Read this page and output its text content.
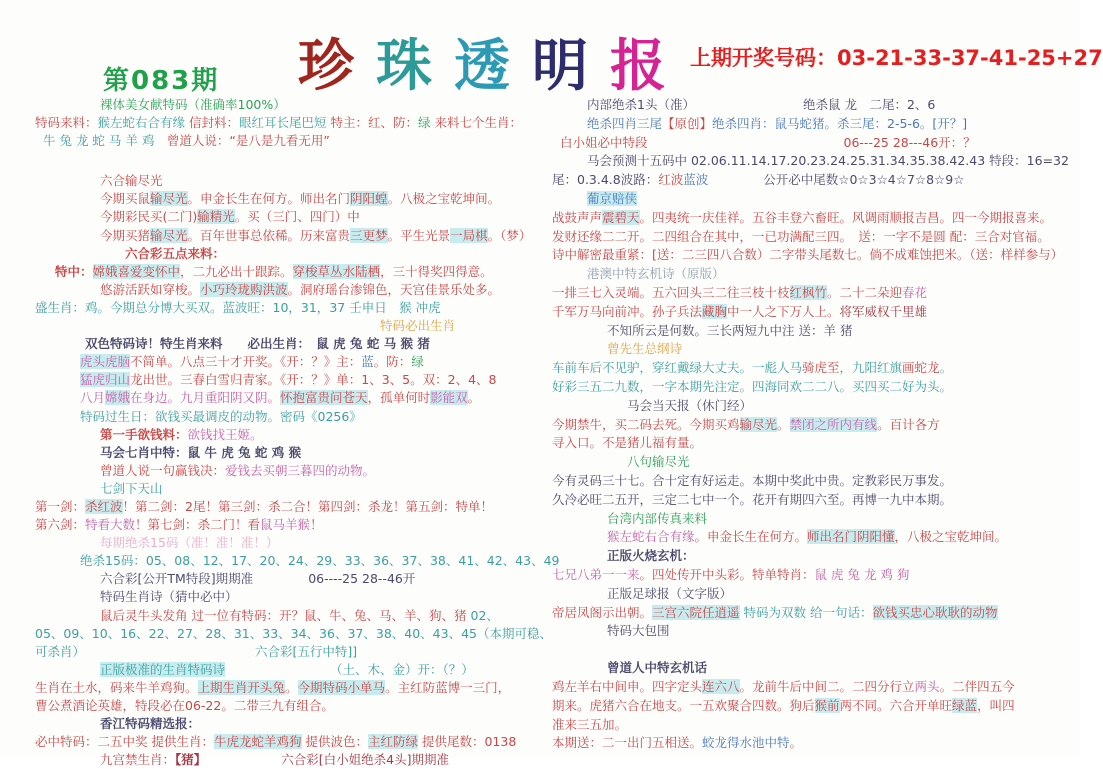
第083期 珍珠透明报 上期开奖号码：03-21-33-37-41-25+27
裸体美女献特码（准确率100%）
特码来料：猴左蛇右合有缘 信封料：眼红耳长尾巴短 特主：红、防：绿 来料七个生肖：
牛 兔 龙 蛇 马 羊 鸡　曾道人说：“是八是九看无用”
六合输尽光
今期买鼠输尽光。申金长生在何方。师出名门阴阳蝗。八极之宝乾坤间。
今期彩民买(二门)输精光。买（三门、四门）中
今期买猪输尽光。百年世事总依稀。历来富贵三更梦。平生光景一局棋。（梦）
六合彩五点来料：
特中：嫦娥喜爱变怀中，二九必出十跟踪。穿梭草丛水陆栖，三十得奖四得意。
悠游活跃如穿梭。小巧玲珑购洪波。洞府瑶台渗锦色，天宫佳景乐处多。
盛生肖：鸡。今期总分博大买双。蓝波旺：10，31，37 壬申日　猴 冲虎
特码必出生肖
双色特码诗！特生肖来料　　必出生肖：　鼠 虎 兔 蛇 马 猴 猪
虎头虎脑不简单。八点三十才开奖。《开：？》主：蓝。防：绿
猛虎归山龙出世。三春白雪归青家。《开：？》单：1、3、5。双：2、4、8
八月嫦娥在身边。九月重阳阴又阴。怀抱富贵问苍天，孤单何时影能双。
特码过生日：欲钱买最调皮的动物。密码《0256》
第一手欲钱料：欲钱找王姬。
马会七肖中特：鼠 牛 虎 兔 蛇 鸡 猴
曾道人说一句赢钱决：爱钱去买朝三暮四的动物。
七剑下天山
第一剑：杀红波！第二剑：2尾！第三剑：杀二合！第四剑：杀龙！第五剑：特单！
第六剑：特看大数！第七剑：杀二门！看鼠马羊猴！
每期绝杀15码（准！准！准！）
绝杀15码：05、08、12、17、20、24、29、33、36、37、38、41、42、43、49
六合彩[公开TM特段]期期准	06----25 28--46开
特码生肖诗（猜中必中）
鼠后灵牛头发角 过一位有特码：开？鼠、牛、兔、马、羊、狗、猪 02、
05、09、10、16、22、27、28、31、33、34、36、37、38、40、43、45（本期可稳、
可杀肖）	六合彩[五行中特]]
正版极准的生肖特码诗	（土、木、金）开：（？）
生肖在土水，码来牛羊鸡狗。上期生肖开头兔。今期特码小单马。主红防蓝博一三门，
曹公煮酒论英雄，特段必在06-22。二带三九有组合。
香江特码精选报：
必中特码：二五中奖 提供生肖：牛虎龙蛇羊鸡狗 提供波色：主红防绿 提供尾数：0138
九宫禁生肖：【猪】	六合彩[白小姐绝杀4头]期期准
内部绝杀1头（准）	绝杀鼠 龙　二尾：2、6
绝杀四肖三尾【原创】绝杀四肖：鼠马蛇猪。杀三尾：2-5-6。[开？]
白小姐必中特段	06---25 28---46开：？
马会预测十五码中 02.06.11.14.17.20.23.24.25.31.34.35.38.42.43 特段：16=32
尾：0.3.4.8波路：红波蓝波	公开必中尾数☆0☆3☆4☆7☆8☆9☆
葡京赔侠
战鼓声声震碧天。四夷统一庆佳祥。五谷丰登六畜旺。风调雨顺报吉昌。四一今期报喜来。
发财还缘二二开。二四组合在其中，一已功满配三四。　送：一字不是圆 配：三合对官福。
诗中解密最重紧：[送：二三四八合数）二字带头尾数七。倘不成难蚀把米。（送：样样参与）
港澳中特玄机诗（原版）
一排三七入灵端。五六回头三二往三枝十枝红枫竹。二十二朵迎春花
千军万马向前冲。孙子兵法藏胸中一人之下万人上。将军威权千里雄
不知所云是何数。三长两短九中注 送：羊 猪
曾先生总纲诗
车前车后不见驴，穿红戴绿大丈夫。一彪人马骑虎至，九阳红旗画蛇龙。
好彩三五二九数，一字本期先注定。四海同欢二二八。买四买二好为头。
马会当天报（休门经）
今期禁牛，买二码去死。今期买鸡输尽光。禁闭之所内有线。百计各方
寻入口。不是猪儿福有量。
八句输尽光
今有灵码三十七。合十定有好运走。本期中奖此中贵。定教彩民万事发。
久冷必旺二五开，三定二七中一个。花开有期四六至。再博一九中本期。
台湾内部传真来料
猴左蛇右合有缘。申金长生在何方。师出名门阴阳懂，八极之宝乾坤间。
正版火烧玄机：
七兄八弟一一来。四处传开中头彩。特单特肖：鼠 虎 兔 龙 鸡 狗
正版足球报（文字版）
帝居凤阁示出朝。三宫六院任逍遥 特码为双数 给一句话：欲钱买忠心耿耿的动物
特码大包围
曾道人中特玄机话
鸡左羊右中间申。四字定头连六八。龙前牛后中间二。二四分行立两头。二伴四五今
期来。虎猪六合在地支。一五欢聚合四数。狗后猴前两不同。六合开单旺绿蓝，叫四
准来三五加。
本期送：二一出门五相送。蛟龙得水池中特。
